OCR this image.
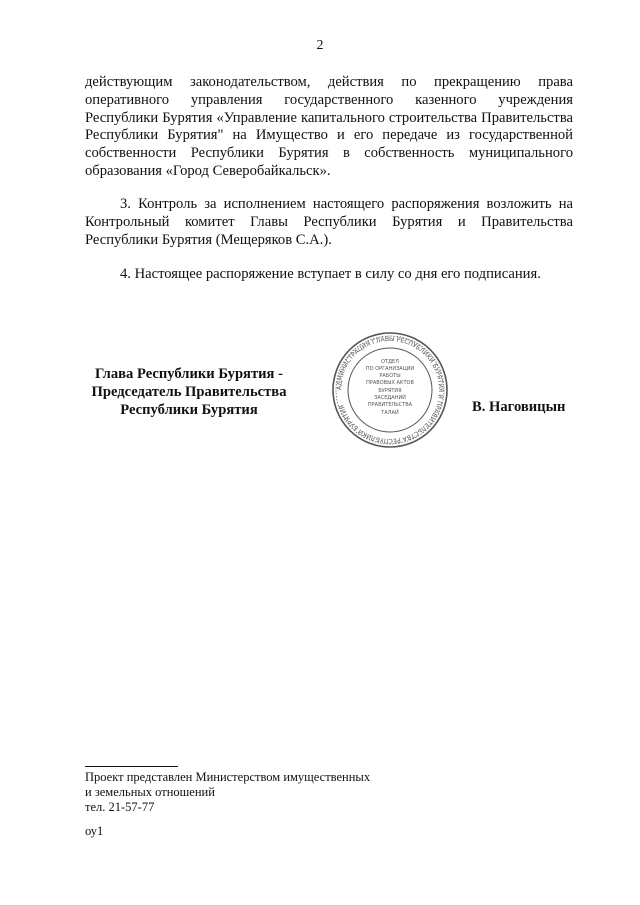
2
действующим законодательством, действия по прекращению права оперативного управления государственного казенного учреждения Республики Бурятия «Управление капитального строительства Правительства Республики Бурятия" на Имущество и его передаче из государственной собственности Республики Бурятия в собственность муниципального образования «Город Северобайкальск».
3. Контроль за исполнением настоящего распоряжения возложить на Контрольный комитет Главы Республики Бурятия и Правительства Республики Бурятия (Мещеряков С.А.).
4. Настоящее распоряжение вступает в силу со дня его подписания.
Глава Республики Бурятия -
Председатель Правительства
Республики Бурятия
АДМИНИСТРАЦИЯ ГЛАВЫ РЕСПУБЛИКИ БУРЯТИЯ И ПРАВИТЕЛЬСТВА РЕСПУБЛИКИ БУРЯТИЯ
ОТДЕЛ
ПО ОРГАНИЗАЦИИ
РАБОТЫ
ПРАВОВЫХ АКТОВ
БУРЯТИЯ
ЗАСЕДАНИЙ
ПРАВИТЕЛЬСТВА
ТАЛАЙ	В. Наговицын
Проект представлен Министерством имущественных
и земельных отношений
тел. 21-57-77
оу1
